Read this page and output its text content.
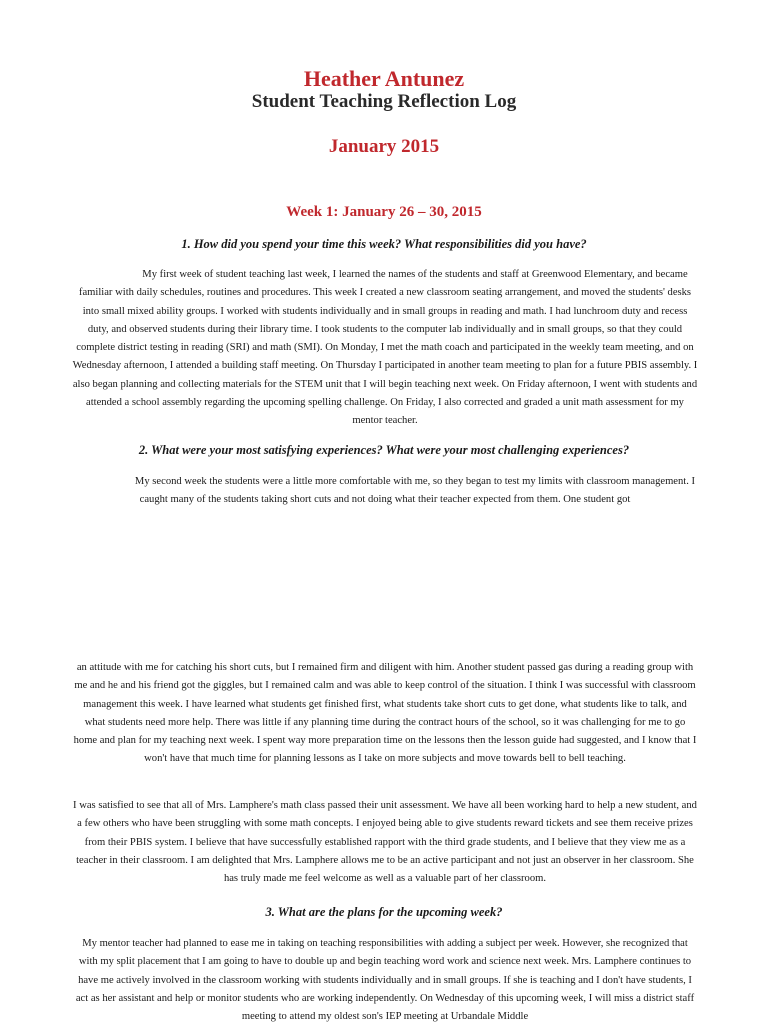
Heather Antunez
Student Teaching Reflection Log
January 2015
Week 1: January 26 – 30, 2015
1. How did you spend your time this week? What responsibilities did you have?
My first week of student teaching last week, I learned the names of the students and staff at Greenwood Elementary, and became familiar with daily schedules, routines and procedures. This week I created a new classroom seating arrangement, and moved the students' desks into small mixed ability groups. I worked with students individually and in small groups in reading and math. I had lunchroom duty and recess duty, and observed students during their library time. I took students to the computer lab individually and in small groups, so that they could complete district testing in reading (SRI) and math (SMI). On Monday, I met the math coach and participated in the weekly team meeting, and on Wednesday afternoon, I attended a building staff meeting. On Thursday I participated in another team meeting to plan for a future PBIS assembly. I also began planning and collecting materials for the STEM unit that I will begin teaching next week. On Friday afternoon, I went with students and attended a school assembly regarding the upcoming spelling challenge. On Friday, I also corrected and graded a unit math assessment for my mentor teacher.
2. What were your most satisfying experiences? What were your most challenging experiences?
My second week the students were a little more comfortable with me, so they began to test my limits with classroom management. I caught many of the students taking short cuts and not doing what their teacher expected from them. One student got
an attitude with me for catching his short cuts, but I remained firm and diligent with him. Another student passed gas during a reading group with me and he and his friend got the giggles, but I remained calm and was able to keep control of the situation. I think I was successful with classroom management this week. I have learned what students get finished first, what students take short cuts to get done, what students like to talk, and what students need more help. There was little if any planning time during the contract hours of the school, so it was challenging for me to go home and plan for my teaching next week. I spent way more preparation time on the lessons then the lesson guide had suggested, and I know that I won't have that much time for planning lessons as I take on more subjects and move towards bell to bell teaching.
I was satisfied to see that all of Mrs. Lamphere's math class passed their unit assessment. We have all been working hard to help a new student, and a few others who have been struggling with some math concepts. I enjoyed being able to give students reward tickets and see them receive prizes from their PBIS system. I believe that have successfully established rapport with the third grade students, and I believe that they view me as a teacher in their classroom. I am delighted that Mrs. Lamphere allows me to be an active participant and not just an observer in her classroom. She has truly made me feel welcome as well as a valuable part of her classroom.
3. What are the plans for the upcoming week?
My mentor teacher had planned to ease me in taking on teaching responsibilities with adding a subject per week. However, she recognized that with my split placement that I am going to have to double up and begin teaching word work and science next week. Mrs. Lamphere continues to have me actively involved in the classroom working with students individually and in small groups. If she is teaching and I don't have students, I act as her assistant and help or monitor students who are working independently. On Wednesday of this upcoming week, I will miss a district staff meeting to attend my oldest son's IEP meeting at Urbandale Middle
